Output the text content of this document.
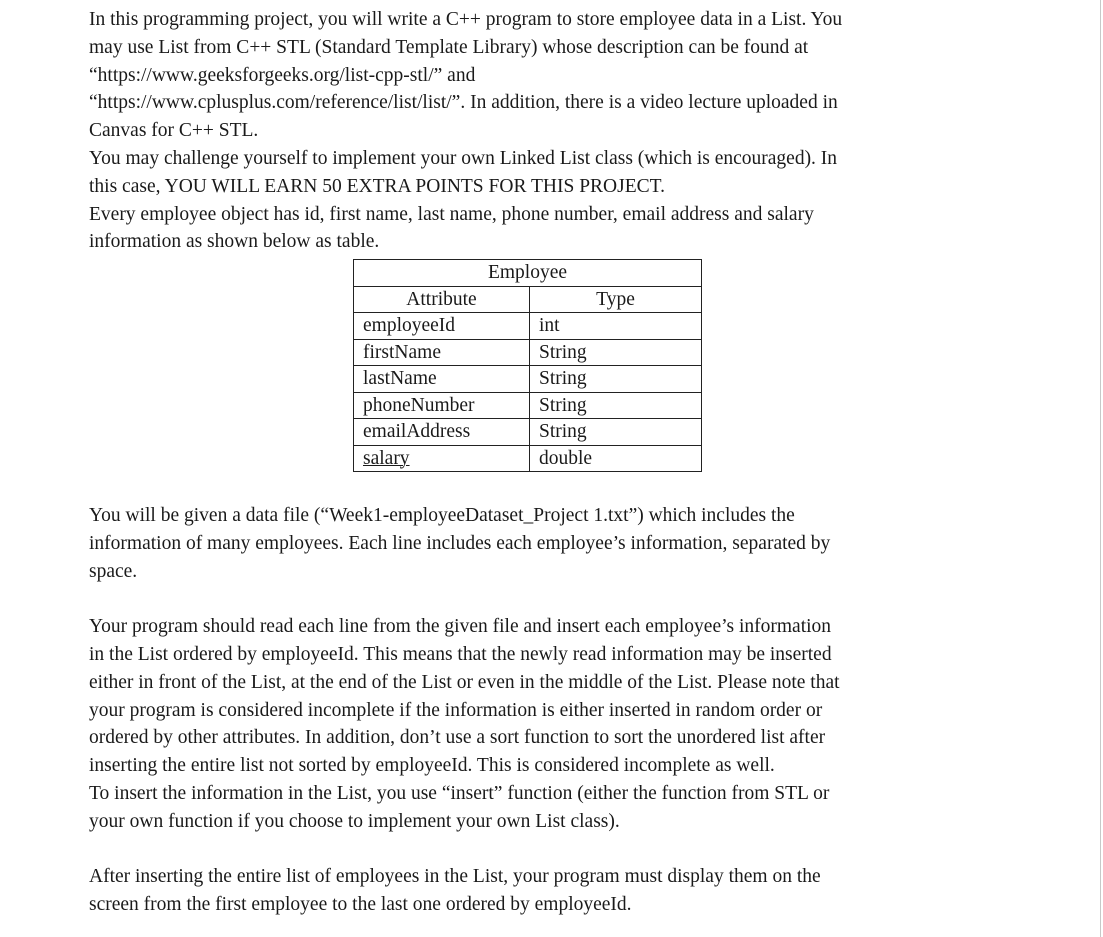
In this programming project, you will write a C++ program to store employee data in a List. You
may use List from C++ STL (Standard Template Library) whose description can be found at
“https://www.geeksforgeeks.org/list-cpp-stl/” and
“https://www.cplusplus.com/reference/list/list/”. In addition, there is a video lecture uploaded in
Canvas for C++ STL.
You may challenge yourself to implement your own Linked List class (which is encouraged). In
this case, YOU WILL EARN 50 EXTRA POINTS FOR THIS PROJECT.
Every employee object has id, first name, last name, phone number, email address and salary
information as shown below as table.

Employee	
Attribute	Type
employeeId	int
firstName	String
lastName	String
phoneNumber	String
emailAddress	String
salary	double

You will be given a data file (“Week1-employeeDataset_Project 1.txt”) which includes the
information of many employees. Each line includes each employee’s information, separated by
space.

Your program should read each line from the given file and insert each employee’s information
in the List ordered by employeeId. This means that the newly read information may be inserted
either in front of the List, at the end of the List or even in the middle of the List. Please note that
your program is considered incomplete if the information is either inserted in random order or
ordered by other attributes. In addition, don’t use a sort function to sort the unordered list after
inserting the entire list not sorted by employeeId. This is considered incomplete as well.
To insert the information in the List, you use “insert” function (either the function from STL or
your own function if you choose to implement your own List class).

After inserting the entire list of employees in the List, your program must display them on the
screen from the first employee to the last one ordered by employeeId.
